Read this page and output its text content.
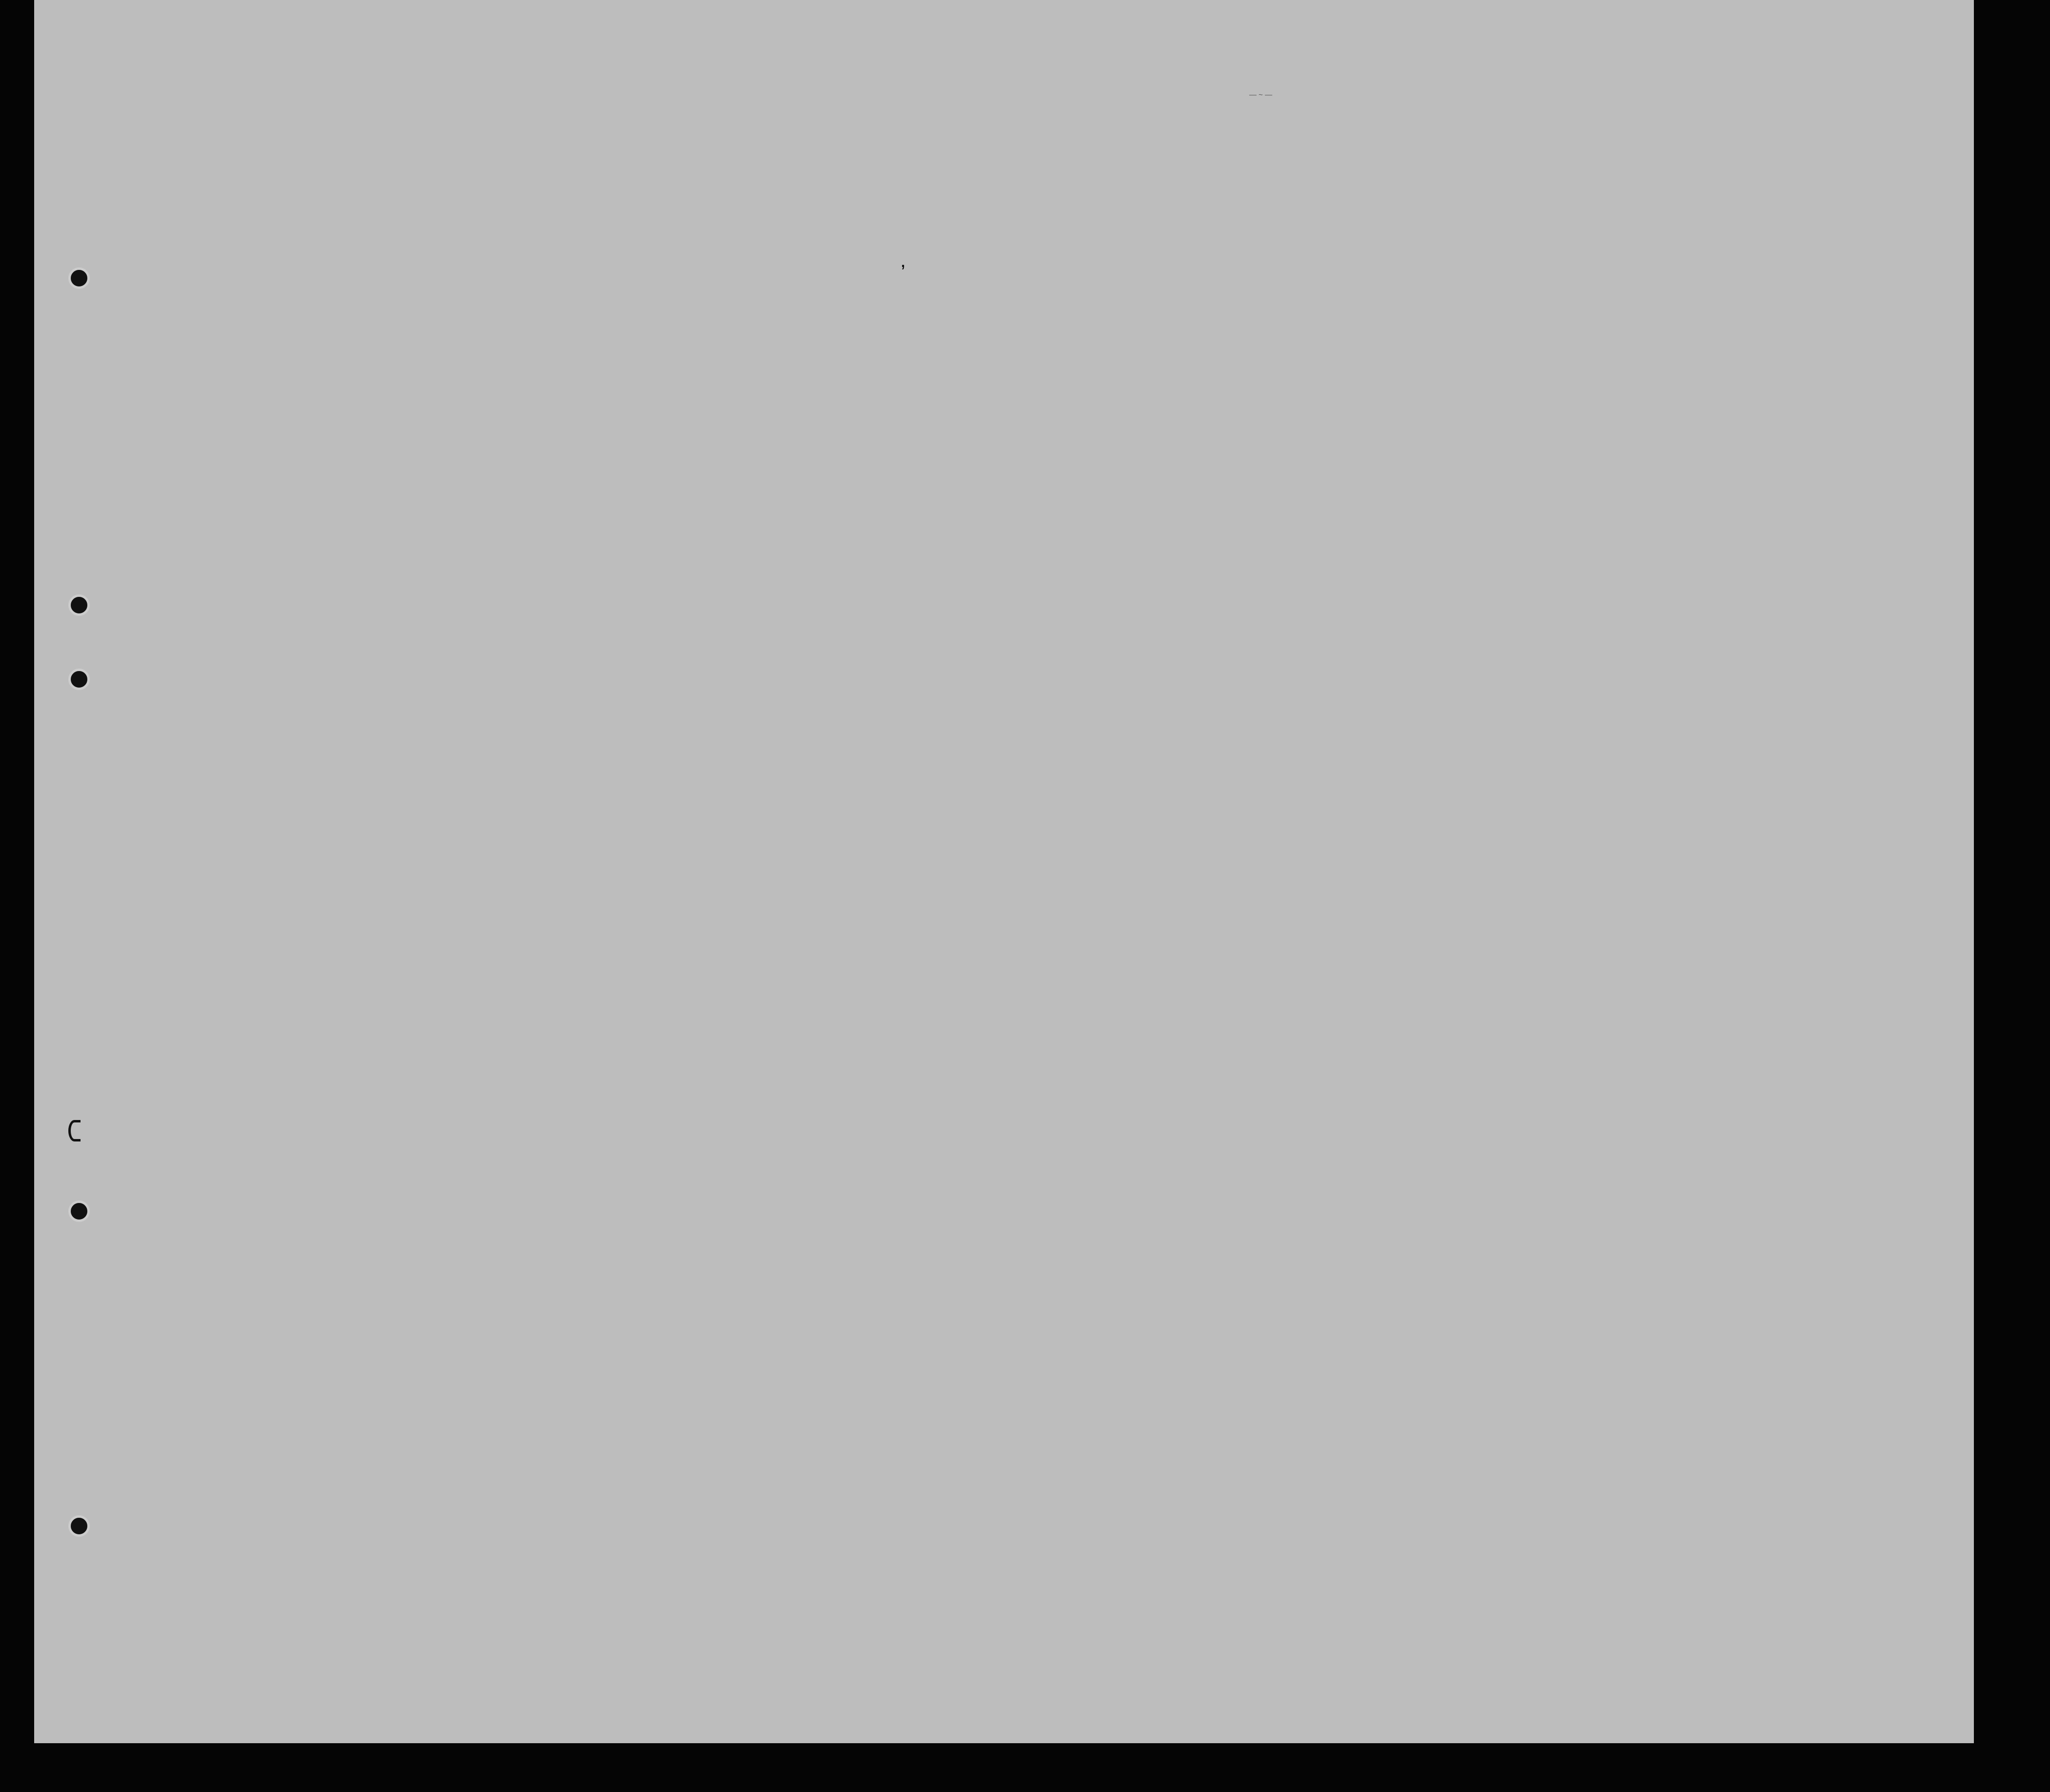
— ~ —
,
